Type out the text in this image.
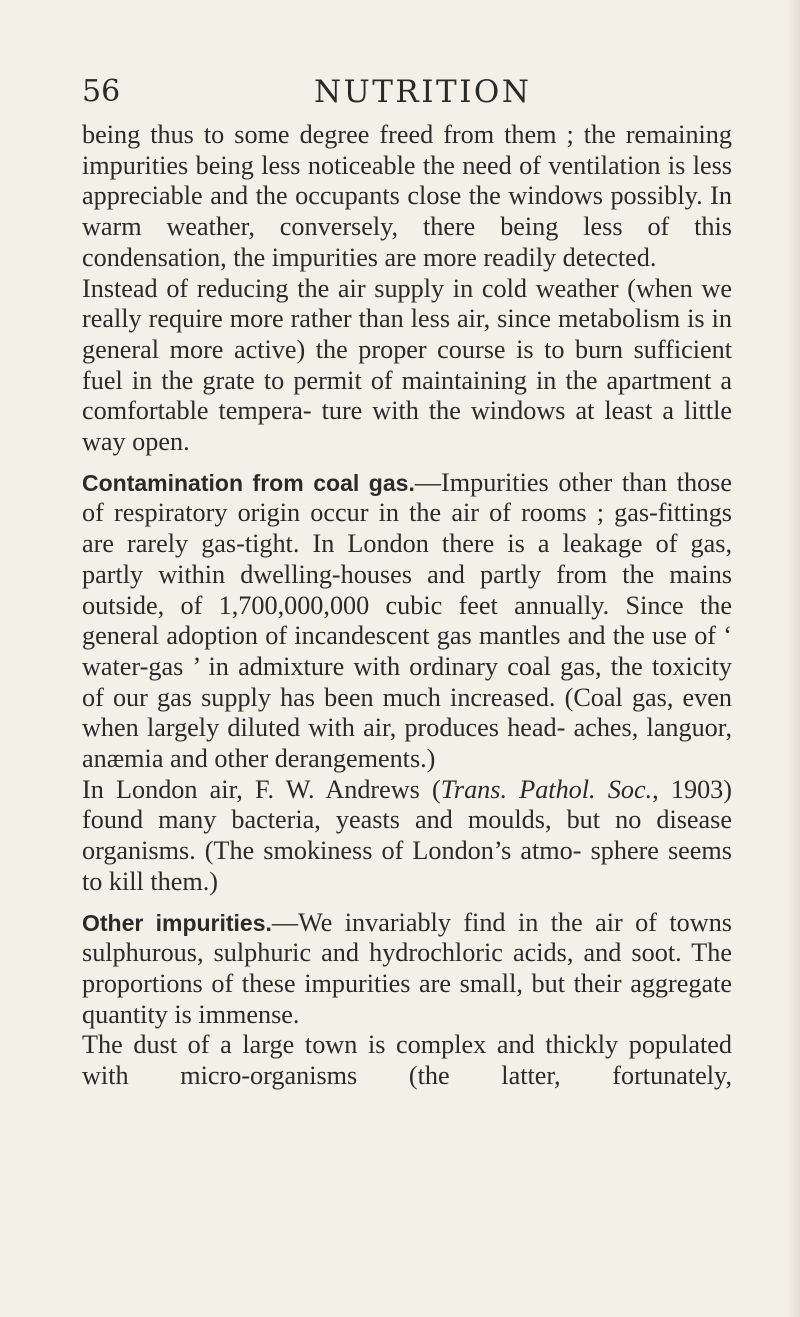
56	NUTRITION

being thus to some degree freed from them ; the remaining impurities being less noticeable the need of ventilation is less appreciable and the occupants close the windows possibly. In warm weather, conversely, there being less of this condensation, the impurities are more readily detected.

Instead of reducing the air supply in cold weather (when we really require more rather than less air, since metabolism is in general more active) the proper course is to burn sufficient fuel in the grate to permit of maintaining in the apartment a comfortable tempera- ture with the windows at least a little way open.

Contamination from coal gas.—Impurities other than those of respiratory origin occur in the air of rooms ; gas-fittings are rarely gas-tight. In London there is a leakage of gas, partly within dwelling-houses and partly from the mains outside, of 1,700,000,000 cubic feet annually. Since the general adoption of incandescent gas mantles and the use of ‘ water-gas ’ in admixture with ordinary coal gas, the toxicity of our gas supply has been much increased. (Coal gas, even when largely diluted with air, produces head- aches, languor, anæmia and other derangements.)

In London air, F. W. Andrews (Trans. Pathol. Soc., 1903) found many bacteria, yeasts and moulds, but no disease organisms. (The smokiness of London’s atmo- sphere seems to kill them.)

Other impurities.—We invariably find in the air of towns sulphurous, sulphuric and hydrochloric acids, and soot. The proportions of these impurities are small, but their aggregate quantity is immense.

The dust of a large town is complex and thickly populated with micro-organisms (the latter, fortunately,
